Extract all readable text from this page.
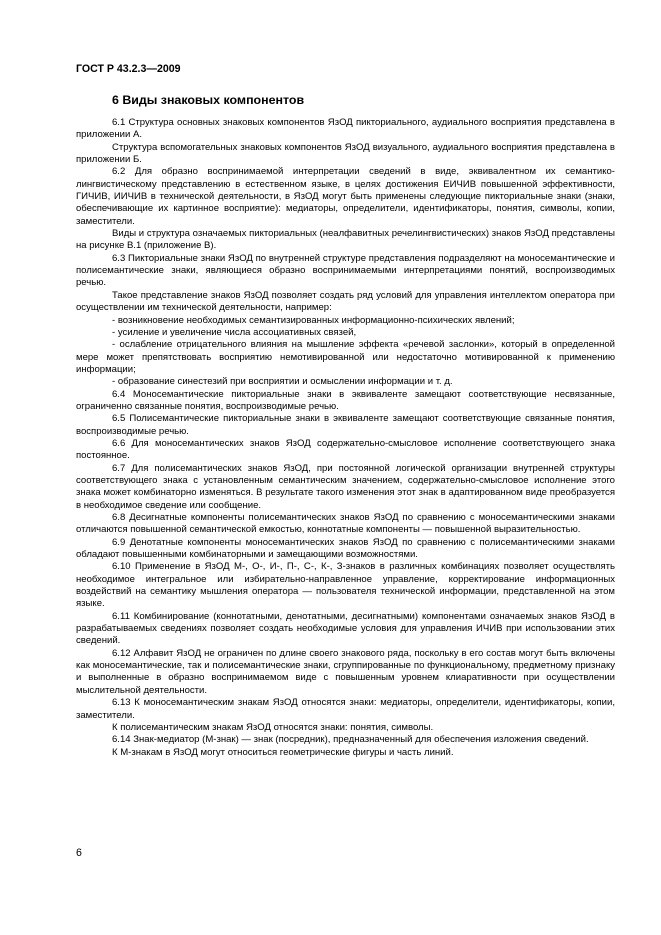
ГОСТ Р 43.2.3—2009
6 Виды знаковых компонентов

6.1 Структура основных знаковых компонентов ЯзОД пикториального, аудиального восприятия представлена в приложении А.

Структура вспомогательных знаковых компонентов ЯзОД визуального, аудиального восприятия представлена в приложении Б.

6.2 Для образно воспринимаемой интерпретации сведений в виде, эквивалентном их семантико-лингвистическому представлению в естественном языке, в целях достижения ЕИЧИВ повышенной эффективности, ГИЧИВ, ИИЧИВ в технической деятельности, в ЯзОД могут быть применены следующие пикториальные знаки (знаки, обеспечивающие их картинное восприятие): медиаторы, определители, идентификаторы, понятия, символы, копии, заместители.

Виды и структура означаемых пикториальных (неалфавитных речелингвистических) знаков ЯзОД представлены на рисунке В.1 (приложение В).

6.3 Пикториальные знаки ЯзОД по внутренней структуре представления подразделяют на моносемантические и полисемантические знаки, являющиеся образно воспринимаемыми интерпретациями понятий, воспроизводимых речью.

Такое представление знаков ЯзОД позволяет создать ряд условий для управления интеллектом оператора при осуществлении им технической деятельности, например:

- возникновение необходимых семантизированных информационно-психических явлений;

- усиление и увеличение числа ассоциативных связей,

- ослабление отрицательного влияния на мышление эффекта «речевой заслонки», который в определенной мере может препятствовать восприятию немотивированной или недостаточно мотивированной к применению информации;

- образование синестезий при восприятии и осмыслении информации и т. д.

6.4 Моносемантические пикториальные знаки в эквиваленте замещают соответствующие несвязанные, ограниченно связанные понятия, воспроизводимые речью.

6.5 Полисемантические пикториальные знаки в эквиваленте замещают соответствующие связанные понятия, воспроизводимые речью.

6.6 Для моносемантических знаков ЯзОД содержательно-смысловое исполнение соответствующего знака постоянное.

6.7 Для полисемантических знаков ЯзОД, при постоянной логической организации внутренней структуры соответствующего знака с установленным семантическим значением, содержательно-смысловое исполнение этого знака может комбинаторно изменяться. В результате такого изменения этот знак в адаптированном виде преобразуется в необходимое сведение или сообщение.

6.8 Десигнатные компоненты полисемантических знаков ЯзОД по сравнению с моносемантическими знаками отличаются повышенной семантической емкостью, коннотатные компоненты — повышенной выразительностью.

6.9 Денотатные компоненты моносемантических знаков ЯзОД по сравнению с полисемантическими знаками обладают повышенными комбинаторными и замещающими возможностями.

6.10 Применение в ЯзОД М-, О-, И-, П-, С-, К-, З-знаков в различных комбинациях позволяет осуществлять необходимое интегральное или избирательно-направленное управление, корректирование информационных воздействий на семантику мышления оператора — пользователя технической информации, представленной на этом языке.

6.11 Комбинирование (коннотатными, денотатными, десигнатными) компонентами означаемых знаков ЯзОД в разрабатываемых сведениях позволяет создать необходимые условия для управления ИЧИВ при использовании этих сведений.

6.12 Алфавит ЯзОД не ограничен по длине своего знакового ряда, поскольку в его состав могут быть включены как моносемантические, так и полисемантические знаки, сгруппированные по функциональному, предметному признаку и выполненные в образно воспринимаемом виде с повышенным уровнем клиаративности при осуществлении мыслительной деятельности.

6.13 К моносемантическим знакам ЯзОД относятся знаки: медиаторы, определители, идентификаторы, копии, заместители.

К полисемантическим знакам ЯзОД относятся знаки: понятия, символы.

6.14 Знак-медиатор (М-знак) — знак (посредник), предназначенный для обеспечения изложения сведений.

К М-знакам в ЯзОД могут относиться геометрические фигуры и часть линий.

6
